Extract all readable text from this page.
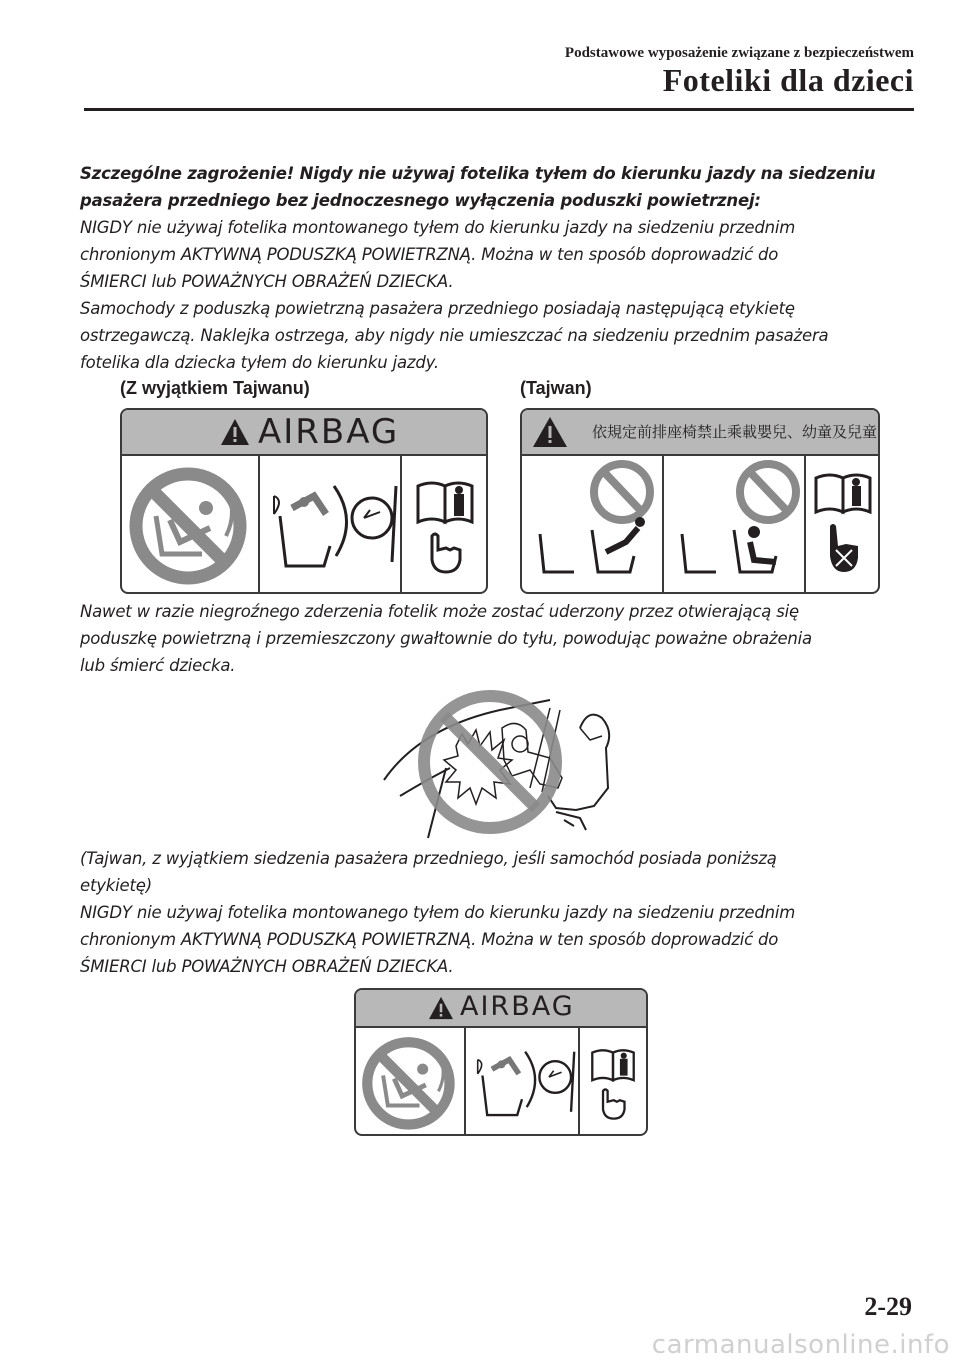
Podstawowe wyposażenie związane z bezpieczeństwem
Foteliki dla dzieci

Szczególne zagrożenie! Nigdy nie używaj fotelika tyłem do kierunku jazdy na siedzeniu

pasażera przedniego bez jednoczesnego wyłączenia poduszki powietrznej:

NIGDY nie używaj fotelika montowanego tyłem do kierunku jazdy na siedzeniu przednim

chronionym AKTYWNĄ PODUSZKĄ POWIETRZNĄ. Można w ten sposób doprowadzić do

ŚMIERCI lub POWAŻNYCH OBRAŻEŃ DZIECKA.

Samochody z poduszką powietrzną pasażera przedniego posiadają następującą etykietę

ostrzegawczą. Naklejka ostrzega, aby nigdy nie umieszczać na siedzeniu przednim pasażera

fotelika dla dziecka tyłem do kierunku jazdy.

(Z wyjątkiem Tajwanu)	(Tajwan)
AIRBAG	依規定前排座椅禁止乘載嬰兒、幼童及兒童

Nawet w razie niegroźnego zderzenia fotelik może zostać uderzony przez otwierającą się

poduszkę powietrzną i przemieszczony gwałtownie do tyłu, powodując poważne obrażenia

lub śmierć dziecka.

(Tajwan, z wyjątkiem siedzenia pasażera przedniego, jeśli samochód posiada poniższą

etykietę)

NIGDY nie używaj fotelika montowanego tyłem do kierunku jazdy na siedzeniu przednim

chronionym AKTYWNĄ PODUSZKĄ POWIETRZNĄ. Można w ten sposób doprowadzić do

ŚMIERCI lub POWAŻNYCH OBRAŻEŃ DZIECKA.

AIRBAG
2-29
carmanualsonline.info
